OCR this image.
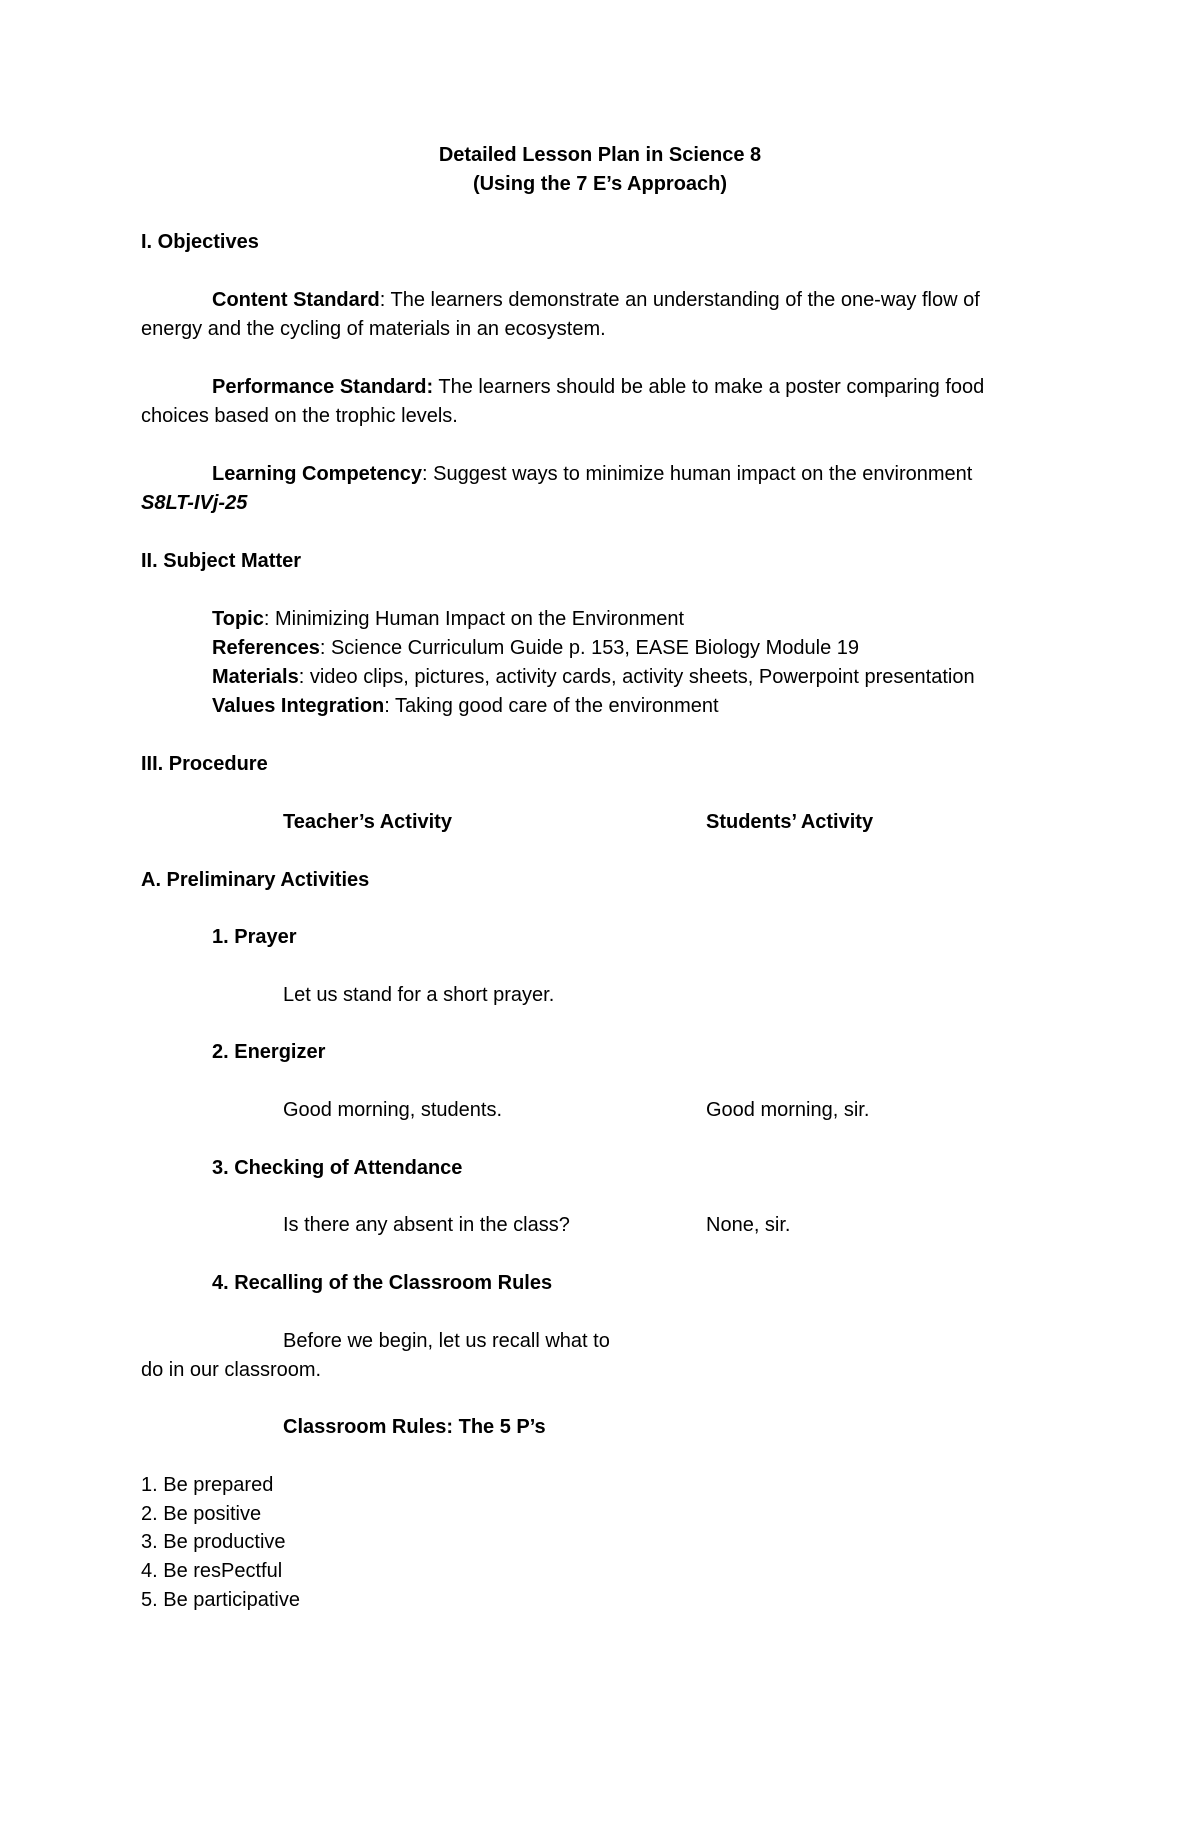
Detailed Lesson Plan in Science 8
(Using the 7 E’s Approach)
I. Objectives
Content Standard: The learners demonstrate an understanding of the one-way flow of
energy and the cycling of materials in an ecosystem.
Performance Standard: The learners should be able to make a poster comparing food
choices based on the trophic levels.
Learning Competency: Suggest ways to minimize human impact on the environment
S8LT-IVj-25
II. Subject Matter
Topic: Minimizing Human Impact on the Environment
References: Science Curriculum Guide p. 153, EASE Biology Module 19
Materials: video clips, pictures, activity cards, activity sheets, Powerpoint presentation
Values Integration: Taking good care of the environment
III. Procedure
Teacher’s Activity	Students’ Activity
A. Preliminary Activities
1. Prayer
Let us stand for a short prayer.
2. Energizer
Good morning, students.	Good morning, sir.
3. Checking of Attendance
Is there any absent in the class?	None, sir.
4. Recalling of the Classroom Rules
Before we begin, let us recall what to
do in our classroom.
Classroom Rules: The 5 P’s
1. Be prepared
2. Be positive
3. Be productive
4. Be resPectful
5. Be participative
